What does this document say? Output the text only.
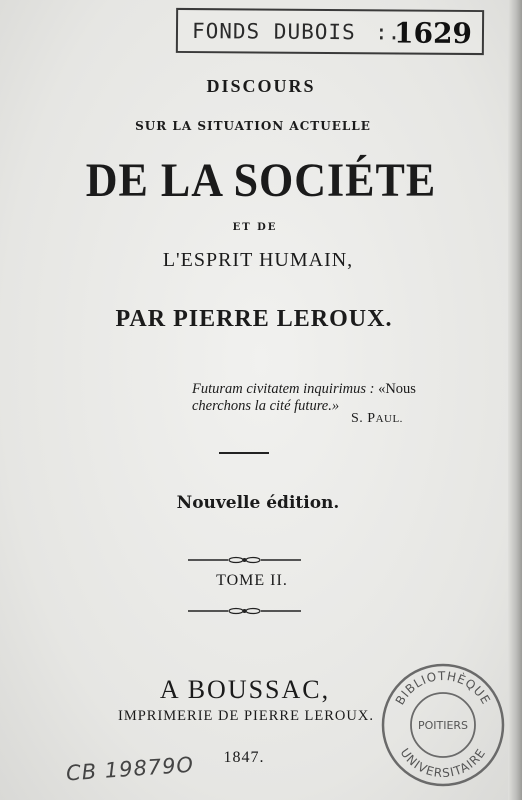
FONDS DUBOIS :.
1629
DISCOURS
SUR LA SITUATION ACTUELLE
DE LA SOCIÉTE
ET DE
L'ESPRIT HUMAIN,
PAR PIERRE LEROUX.
Futuram civitatem inquirimus : «Nous
cherchons la cité future.»
S. PAUL.
Nouvelle édition.
TOME II.
A BOUSSAC,
IMPRIMERIE DE PIERRE LEROUX.
1847.
CB 19879O
BIBLIOTHÈQUE
UNIVERSITAIRE
POITIERS
